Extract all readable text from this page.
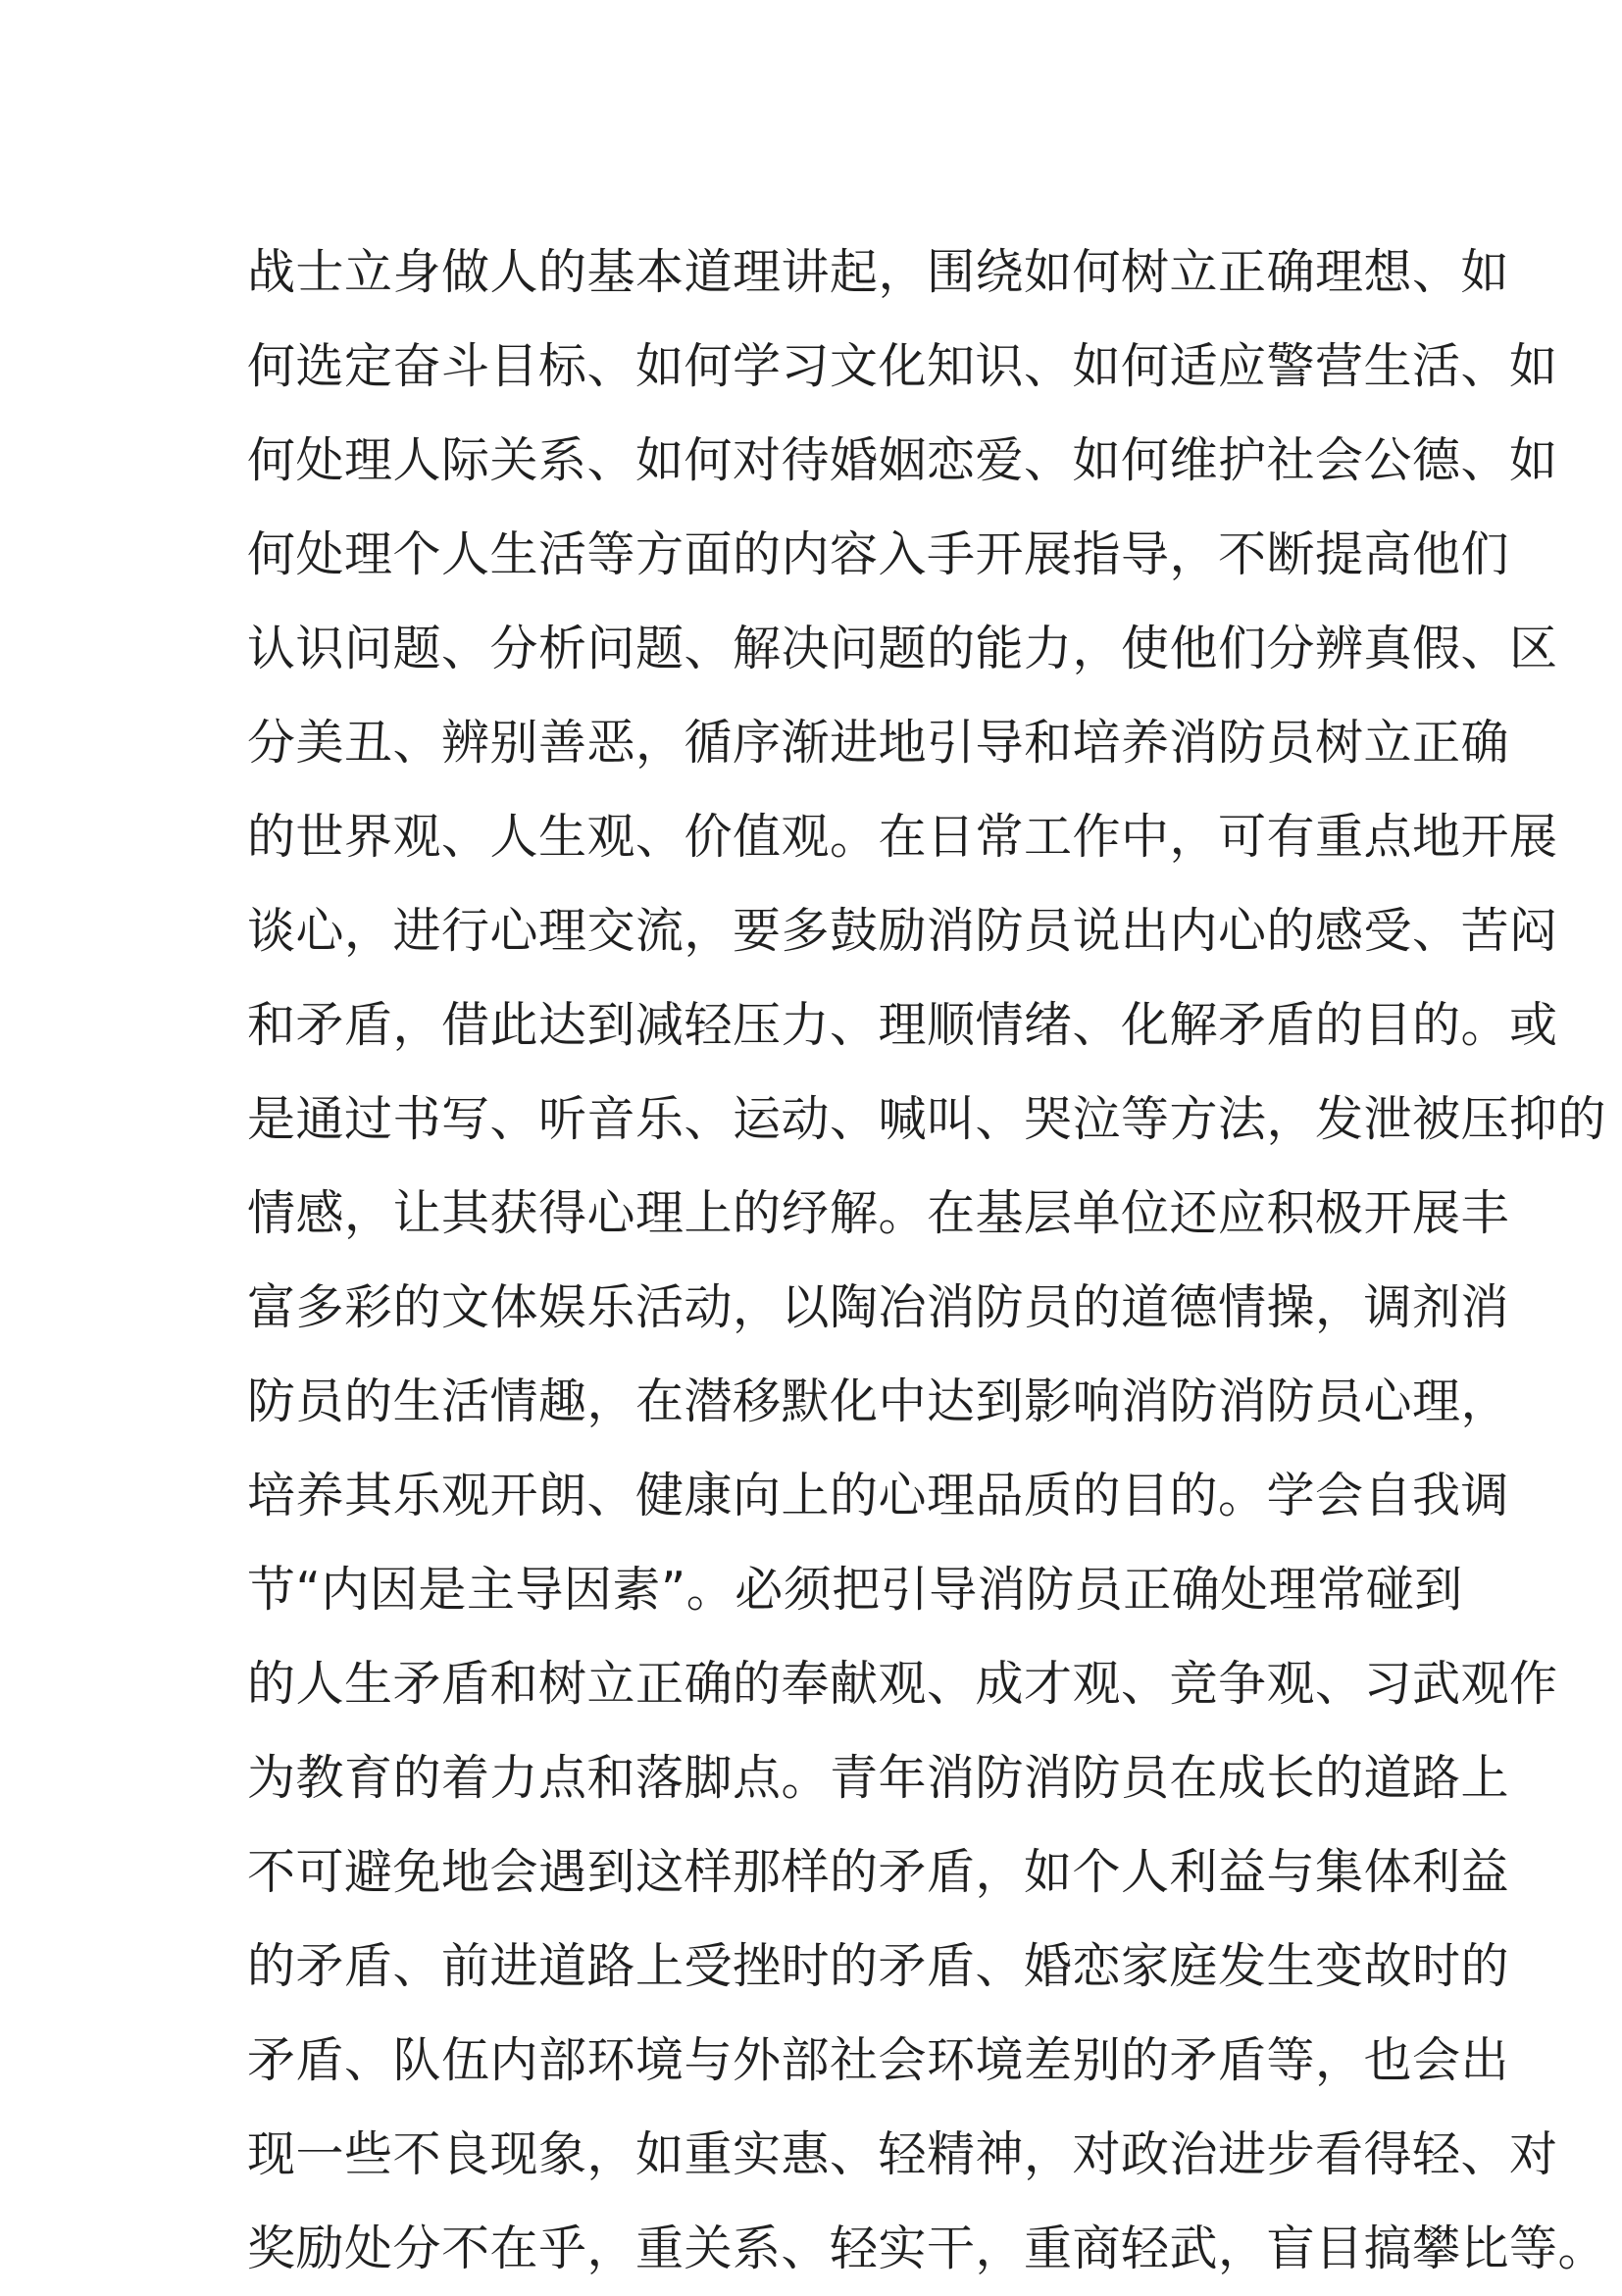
战士立身做人的基本道理讲起，围绕如何树立正确理想、如
何选定奋斗目标、如何学习文化知识、如何适应警营生活、如
何处理人际关系、如何对待婚姻恋爱、如何维护社会公德、如
何处理个人生活等方面的内容入手开展指导，不断提高他们
认识问题、分析问题、解决问题的能力，使他们分辨真假、区
分美丑、辨别善恶，循序渐进地引导和培养消防员树立正确
的世界观、人生观、价值观。在日常工作中，可有重点地开展
谈心，进行心理交流，要多鼓励消防员说出内心的感受、苦闷
和矛盾，借此达到减轻压力、理顺情绪、化解矛盾的目的。或
是通过书写、听音乐、运动、喊叫、哭泣等方法，发泄被压抑的
情感，让其获得心理上的纾解。在基层单位还应积极开展丰
富多彩的文体娱乐活动，以陶冶消防员的道德情操，调剂消
防员的生活情趣，在潜移默化中达到影响消防消防员心理，
培养其乐观开朗、健康向上的心理品质的目的。学会自我调
节“内因是主导因素”。必须把引导消防员正确处理常碰到
的人生矛盾和树立正确的奉献观、成才观、竞争观、习武观作
为教育的着力点和落脚点。青年消防消防员在成长的道路上
不可避免地会遇到这样那样的矛盾，如个人利益与集体利益
的矛盾、前进道路上受挫时的矛盾、婚恋家庭发生变故时的
矛盾、队伍内部环境与外部社会环境差别的矛盾等，也会出
现一些不良现象，如重实惠、轻精神，对政治进步看得轻、对
奖励处分不在乎，重关系、轻实干，重商轻武，盲目搞攀比等。
